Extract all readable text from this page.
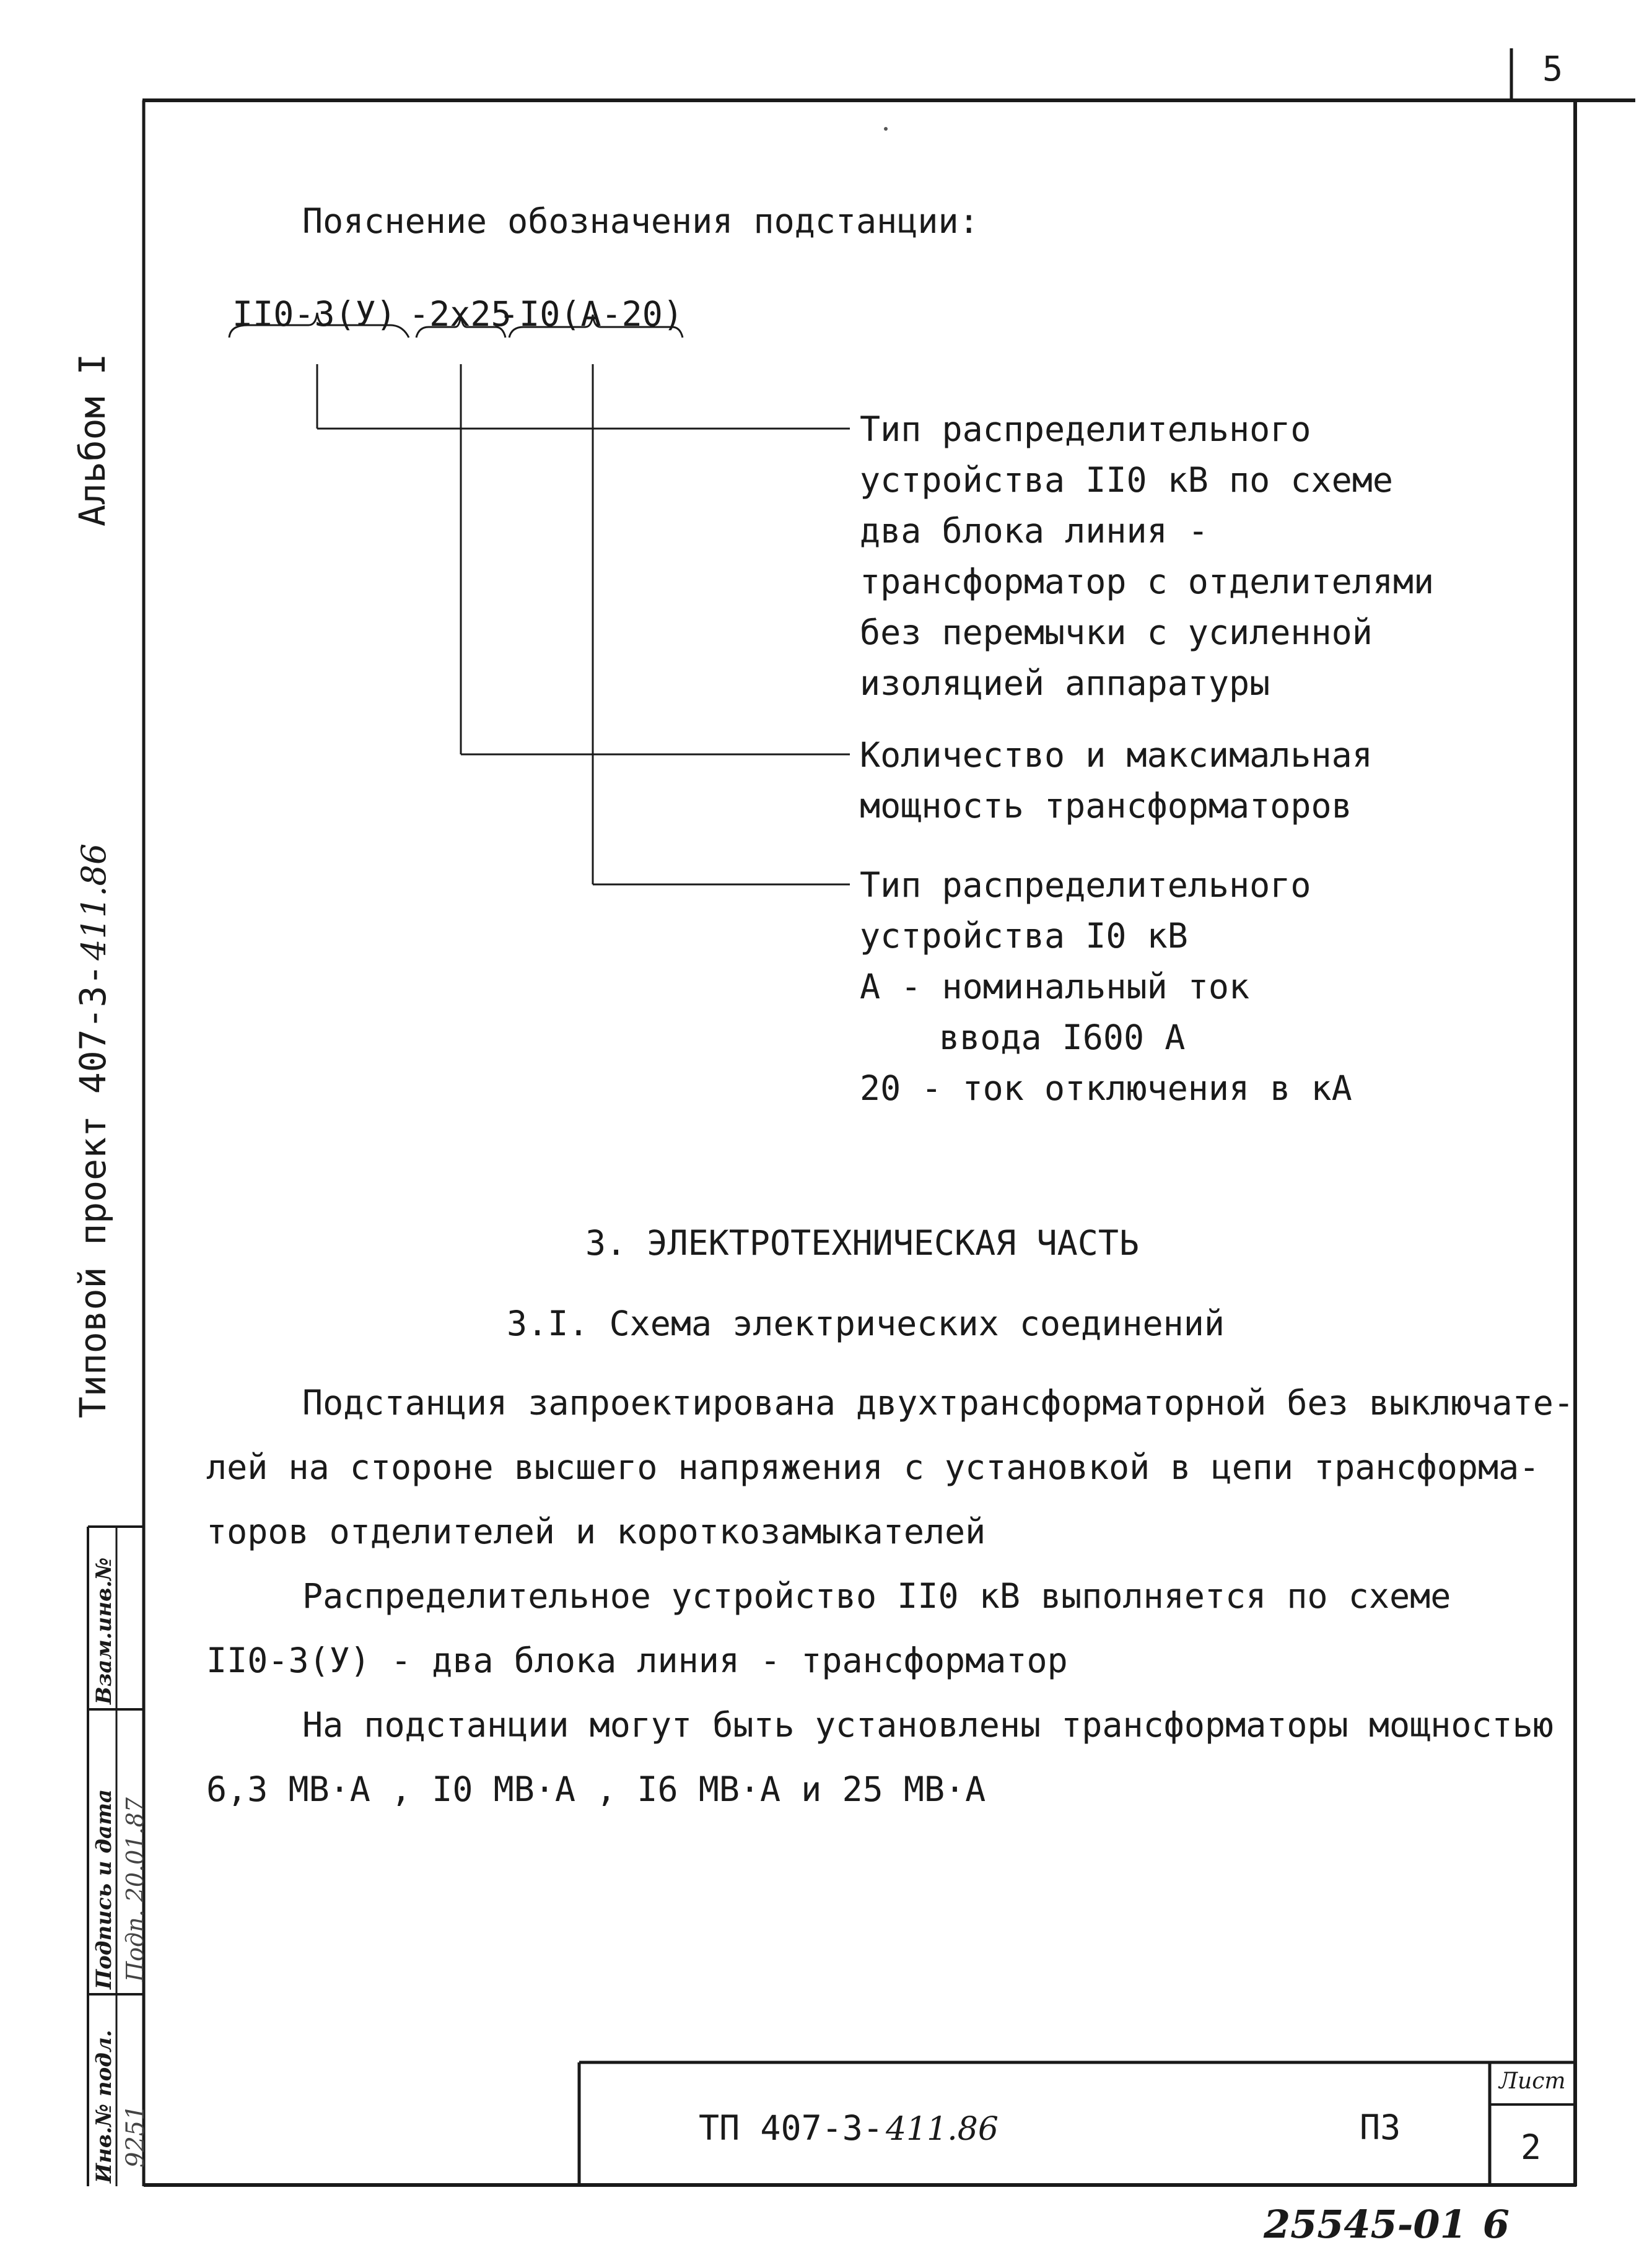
5
Альбом I
Типовой проект 407-3-
411.86
Инв.№ подл.
Подпись и дата
Взам.инв.№
9251
Подп. 20.01.87
Пояснение обозначения подстанции:
II0-3(У) -2x25
-I0(A-20)
Тип распределительного
устройства II0 кВ по схеме
два блока линия -
трансформатор с отделителями
без перемычки с усиленной
изоляцией аппаратуры
Количество и максимальная
мощность трансформаторов
Тип распределительного
устройства I0 кВ
А - номинальный ток
ввода I600 А
20 - ток отключения в кА
3. ЭЛЕКТРОТЕХНИЧЕСКАЯ ЧАСТЬ
3.I. Схема электрических соединений
Подстанция запроектирована двухтрансформаторной без выключате-
лей на стороне высшего напряжения с установкой в цепи трансформа-
торов отделителей и короткозамыкателей
Распределительное устройство II0 кВ выполняется по схеме
II0-3(У) - два блока линия - трансформатор
На подстанции могут быть установлены трансформаторы мощностью
6,3 МВ·А , I0 МВ·А , I6 МВ·А и 25 МВ·А
ТП 407-3- 411.86	ПЗ
Лист
2
25545-01 6
